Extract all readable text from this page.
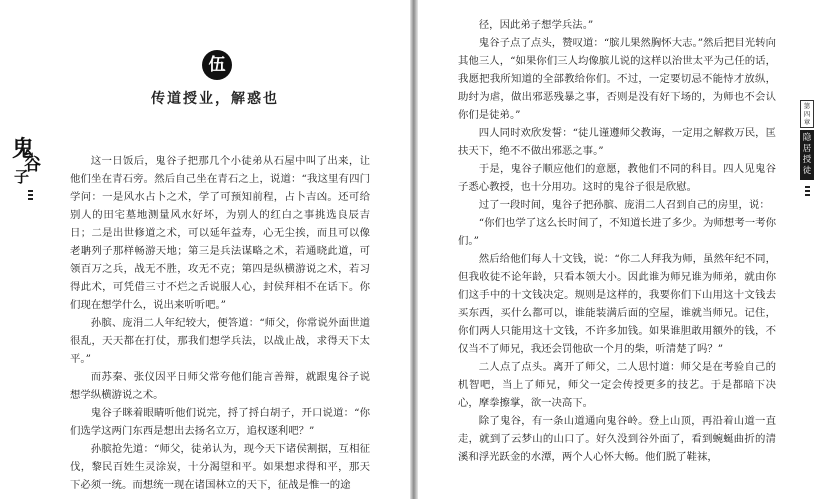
伍
传道授业，解惑也
鬼
谷
子

这一日饭后，鬼谷子把那几个小徒弟从石屋中叫了出来，让他们坐在青石旁。然后自己坐在青石之上，说道：“我这里有四门学问：一是风水占卜之术，学了可预知前程，占卜吉凶。还可给别人的田宅墓地测量风水好坏，为别人的红白之事挑选良辰吉日；二是出世修道之术，可以延年益寿，心无尘挨，而且可以像老聃列子那样畅游天地；第三是兵法谋略之术，若通晓此道，可领百万之兵，战无不胜，攻无不克；第四是纵横游说之术，若习得此术，可凭借三寸不烂之舌说服人心，封侯拜相不在话下。你们现在想学什么，说出来听听吧。”

孙膑、庞涓二人年纪较大，便答道：“师父，你常说外面世道很乱，天天都在打仗，那我们想学兵法，以战止战，求得天下太平。”

而苏秦、张仪因平日师父常夸他们能言善辩，就跟鬼谷子说想学纵横游说之术。

鬼谷子眯着眼睛听他们说完，捋了捋白胡子，开口说道：“你们选学这两门东西是想出去扬名立万，追权逐利吧？”

孙膑抢先道：“师父，徒弟认为，现今天下诸侯割据，互相征伐，黎民百姓生灵涂炭，十分渴望和平。如果想求得和平，那天下必须一统。而想统一现在诸国林立的天下，征战是惟一的途

径，因此弟子想学兵法。”

鬼谷子点了点头，赞叹道：“膑儿果然胸怀大志。”然后把目光转向其他三人，“如果你们三人均像膑儿说的这样以治世太平为己任的话，我愿把我所知道的全部教给你们。不过，一定要切忌不能恃才放纵，助纣为虐，做出邪恶残暴之事，否则是没有好下场的，为师也不会认你们是徒弟。”

四人同时欢欣发誓：“徒儿谨遵师父教诲，一定用之解救万民，匡扶天下，绝不不做出邪恶之事。”

于是，鬼谷子顺应他们的意愿，教他们不同的科目。四人见鬼谷子悉心教授，也十分用功。这时的鬼谷子很是欣慰。

过了一段时间，鬼谷子把孙膑、庞涓二人召到自己的房里，说：

“你们也学了这么长时间了，不知道长进了多少。为师想考一考你们。”

然后给他们每人十文钱，说：“你二人拜我为师，虽然年纪不同，但我收徒不论年龄，只看本领大小。因此谁为师兄谁为师弟，就由你们这手中的十文钱决定。规则是这样的，我要你们下山用这十文钱去买东西，买什么都可以，谁能装满后面的空屋，谁就当师兄。记住，你们两人只能用这十文钱，不许多加钱。如果谁胆敢用额外的钱，不仅当不了师兄，我还会罚他砍一个月的柴，听清楚了吗？”

二人点了点头。离开了师父，二人思忖道：师父是在考验自己的机智吧，当上了师兄，师父一定会传授更多的技艺。于是都暗下决心，摩拳擦掌，欲一决高下。

除了鬼谷，有一条山道通向鬼谷岭。登上山顶，再沿着山道一直走，就到了云梦山的山口了。好久没到谷外面了，看到蜿蜒曲折的清溪和浮光跃金的水潭，两个人心怀大畅。他们脱了鞋袜，

第四章
隐居授徒
